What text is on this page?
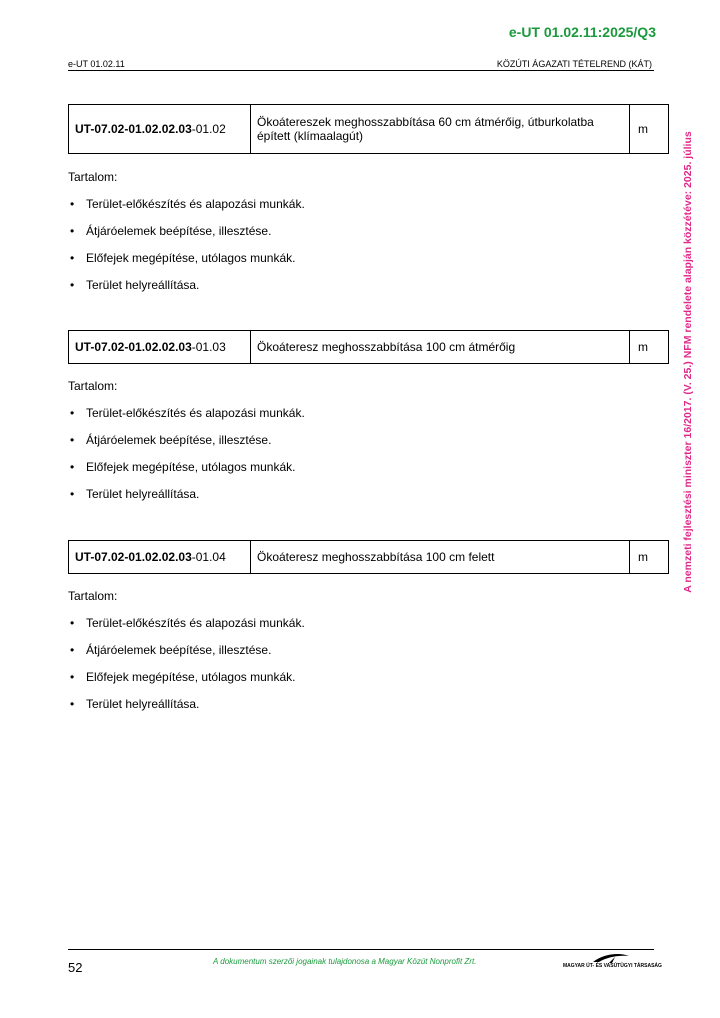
e-UT 01.02.11:2025/Q3
e-UT 01.02.11	KÖZÚTI ÁGAZATI TÉTELREND (KÁT)
A nemzeti fejlesztési miniszter 16/2017. (V. 25.) NFM rendelete alapján közzétéve: 2025. július
UT-07.02-01.02.02.03-01.02	Ökoátereszek meghosszabbítása 60 cm átmérőig, útburkolatba épített (klímaalagút)	m

Tartalom:

• Terület-előkészítés és alapozási munkák.
• Átjáróelemek beépítése, illesztése.
• Előfejek megépítése, utólagos munkák.
• Terület helyreállítása.
UT-07.02-01.02.02.03-01.03	Ökoáteresz meghosszabbítása 100 cm átmérőig	m

Tartalom:

• Terület-előkészítés és alapozási munkák.
• Átjáróelemek beépítése, illesztése.
• Előfejek megépítése, utólagos munkák.
• Terület helyreállítása.
UT-07.02-01.02.02.03-01.04	Ökoáteresz meghosszabbítása 100 cm felett	m

Tartalom:

• Terület-előkészítés és alapozási munkák.
• Átjáróelemek beépítése, illesztése.
• Előfejek megépítése, utólagos munkák.
• Terület helyreállítása.
52	A dokumentum szerzői jogainak tulajdonosa a Magyar Közút Nonprofit Zrt.	MAGYAR ÚT- ÉS VASÚTÜGYI TÁRSASÁG
